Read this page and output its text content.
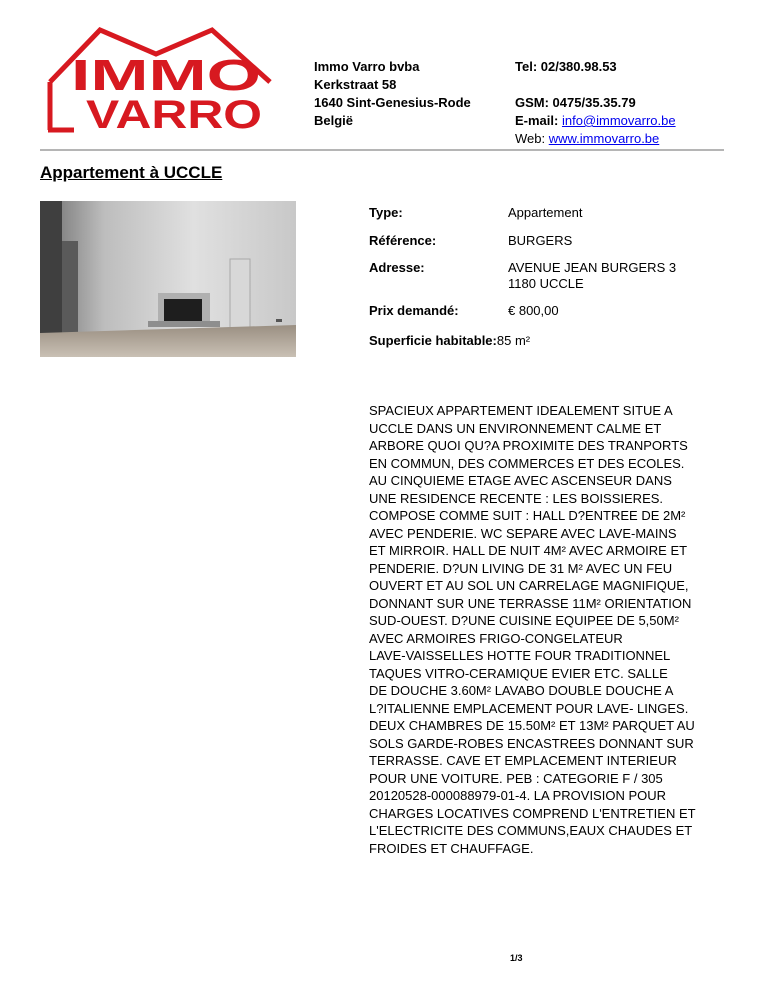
IMMO
VARRO
Immo Varro bvba
Kerkstraat 58
1640 Sint-Genesius-Rode
België
Tel: 02/380.98.53
GSM: 0475/35.35.79
E-mail: info@immovarro.be
Web: www.immovarro.be
Appartement à UCCLE
Type:	Appartement
Référence:	BURGERS
Adresse:	AVENUE JEAN BURGERS 3
1180 UCCLE
Prix demandé:	€ 800,00
Superficie habitable:85 m²
SPACIEUX APPARTEMENT IDEALEMENT SITUE A
UCCLE DANS UN ENVIRONNEMENT CALME ET
ARBORE QUOI QU?A PROXIMITE DES TRANPORTS
EN COMMUN, DES COMMERCES ET DES ECOLES.
AU CINQUIEME ETAGE AVEC ASCENSEUR DANS
UNE RESIDENCE RECENTE : LES BOISSIERES.
COMPOSE COMME SUIT : HALL D?ENTREE DE 2M²
AVEC PENDERIE. WC SEPARE AVEC LAVE-MAINS
ET MIRROIR. HALL DE NUIT 4M² AVEC ARMOIRE ET
PENDERIE. D?UN LIVING DE 31 M² AVEC UN FEU
OUVERT ET AU SOL UN CARRELAGE MAGNIFIQUE,
DONNANT SUR UNE TERRASSE 11M² ORIENTATION
SUD-OUEST. D?UNE CUISINE EQUIPEE DE 5,50M²
AVEC ARMOIRES FRIGO-CONGELATEUR
LAVE-VAISSELLES HOTTE FOUR TRADITIONNEL
TAQUES VITRO-CERAMIQUE EVIER ETC. SALLE
DE DOUCHE 3.60M² LAVABO DOUBLE DOUCHE A
L?ITALIENNE EMPLACEMENT POUR LAVE- LINGES.
DEUX CHAMBRES DE 15.50M² ET 13M² PARQUET AU
SOLS GARDE-ROBES ENCASTREES DONNANT SUR
TERRASSE. CAVE ET EMPLACEMENT INTERIEUR
POUR UNE VOITURE. PEB : CATEGORIE F / 305
20120528-000088979-01-4. LA PROVISION POUR
CHARGES LOCATIVES COMPREND L'ENTRETIEN ET
L'ELECTRICITE DES COMMUNS,EAUX CHAUDES ET
FROIDES ET CHAUFFAGE.
1/3
